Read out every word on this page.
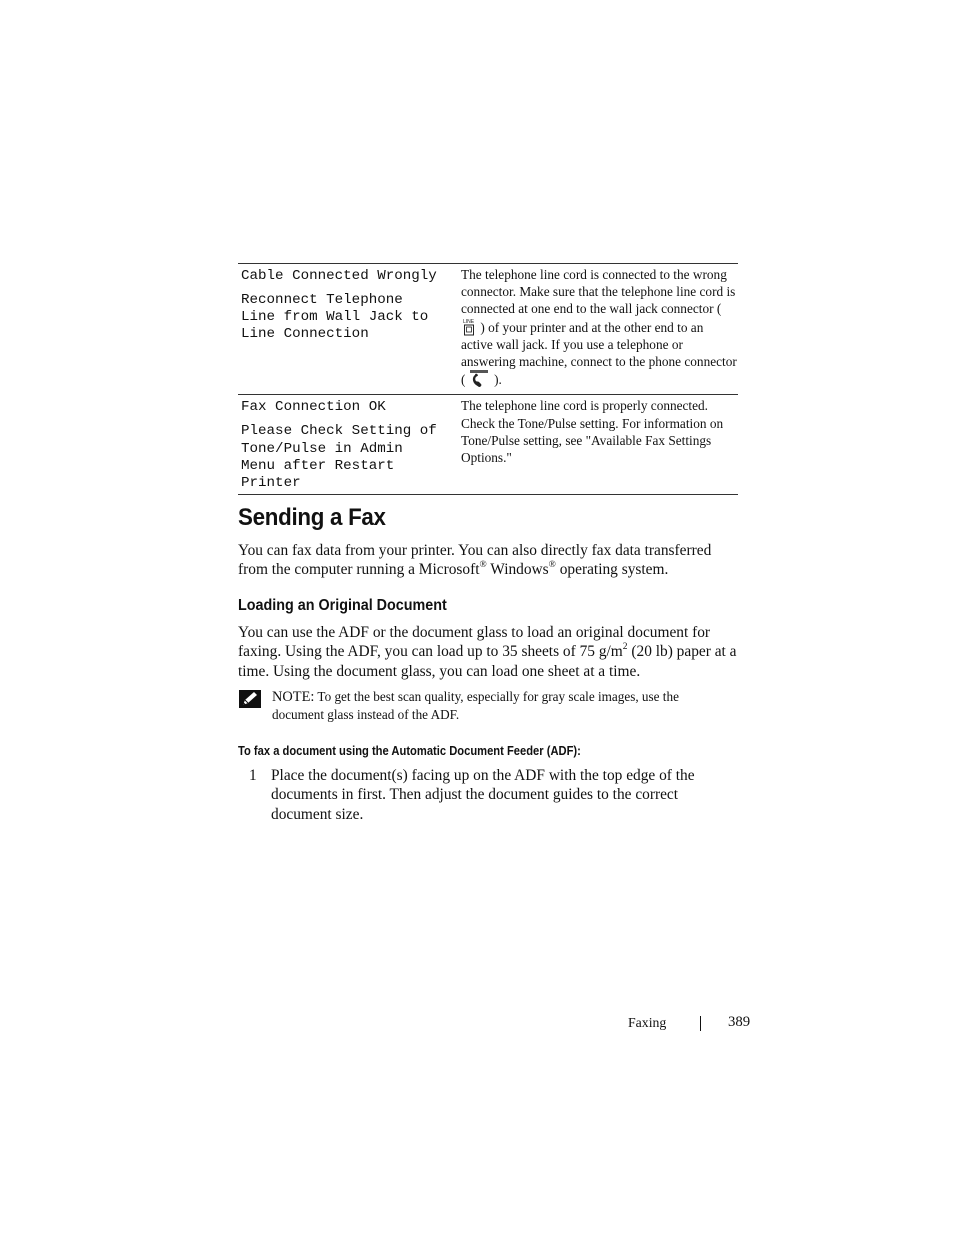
Cable Connected Wrongly
Reconnect Telephone
Line from Wall Jack to
Line Connection
The telephone line cord is connected to the wrong connector. Make sure that the telephone line cord is connected at one end to the wall jack connector (
LINE ) of your printer and at the other end to an active wall jack. If you use a telephone or answering machine, connect to the phone connector ( ).
Fax Connection OK
Please Check Setting of
Tone/Pulse in Admin
Menu after Restart
Printer
The telephone line cord is properly connected. Check the Tone/Pulse setting. For information on Tone/Pulse setting, see "Available Fax Settings Options."
Sending a Fax

You can fax data from your printer. You can also directly fax data transferred from the computer running a Microsoft® Windows® operating system.

Loading an Original Document

You can use the ADF or the document glass to load an original document for faxing. Using the ADF, you can load up to 35 sheets of 75 $g/m^2$ (20 lb) paper at a time. Using the document glass, you can load one sheet at a time.

NOTE: To get the best scan quality, especially for gray scale images, use the document glass instead of the ADF.
To fax a document using the Automatic Document Feeder (ADF):
1 Place the document(s) facing up on the ADF with the top edge of the documents in first. Then adjust the document guides to the correct document size.
Faxing	389
